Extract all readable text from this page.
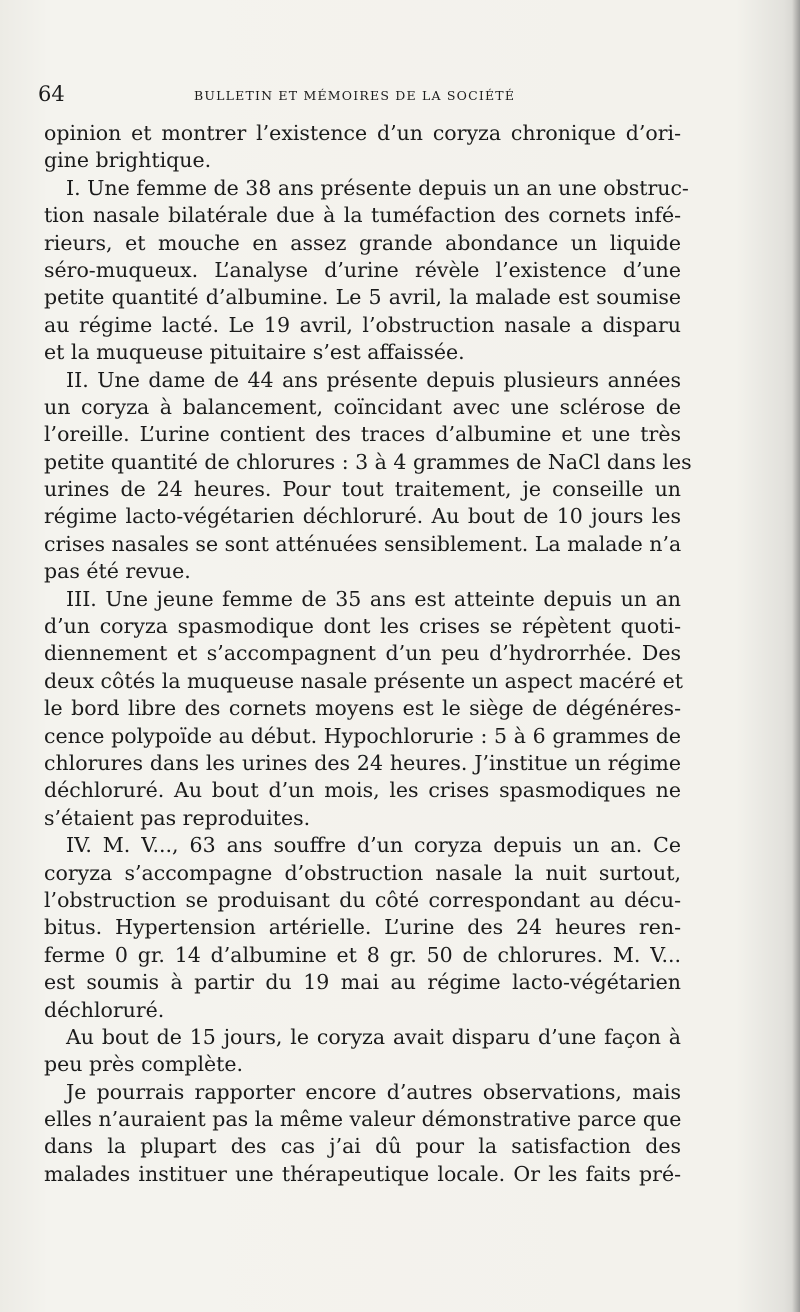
64	BULLETIN ET MÉMOIRES DE LA SOCIÉTÉ
opinion et montrer l’existence d’un coryza chronique d’ori-
gine brightique.
I. Une femme de 38 ans présente depuis un an une obstruc-
tion nasale bilatérale due à la tuméfaction des cornets infé-
rieurs, et mouche en assez grande abondance un liquide
séro-muqueux. L’analyse d’urine révèle l’existence d’une
petite quantité d’albumine. Le 5 avril, la malade est soumise
au régime lacté. Le 19 avril, l’obstruction nasale a disparu
et la muqueuse pituitaire s’est affaissée.
II. Une dame de 44 ans présente depuis plusieurs années
un coryza à balancement, coïncidant avec une sclérose de
l’oreille. L’urine contient des traces d’albumine et une très
petite quantité de chlorures : 3 à 4 grammes de NaCl dans les
urines de 24 heures. Pour tout traitement, je conseille un
régime lacto-végétarien déchloruré. Au bout de 10 jours les
crises nasales se sont atténuées sensiblement. La malade n’a
pas été revue.
III. Une jeune femme de 35 ans est atteinte depuis un an
d’un coryza spasmodique dont les crises se répètent quoti-
diennement et s’accompagnent d’un peu d’hydrorrhée. Des
deux côtés la muqueuse nasale présente un aspect macéré et
le bord libre des cornets moyens est le siège de dégénéres-
cence polypoïde au début. Hypochlorurie : 5 à 6 grammes de
chlorures dans les urines des 24 heures. J’institue un régime
déchloruré. Au bout d’un mois, les crises spasmodiques ne
s’étaient pas reproduites.
IV. M. V..., 63 ans souffre d’un coryza depuis un an. Ce
coryza s’accompagne d’obstruction nasale la nuit surtout,
l’obstruction se produisant du côté correspondant au décu-
bitus. Hypertension artérielle. L’urine des 24 heures ren-
ferme 0 gr. 14 d’albumine et 8 gr. 50 de chlorures. M. V...
est soumis à partir du 19 mai au régime lacto-végétarien
déchloruré.
Au bout de 15 jours, le coryza avait disparu d’une façon à
peu près complète.
Je pourrais rapporter encore d’autres observations, mais
elles n’auraient pas la même valeur démonstrative parce que
dans la plupart des cas j’ai dû pour la satisfaction des
malades instituer une thérapeutique locale. Or les faits pré-
